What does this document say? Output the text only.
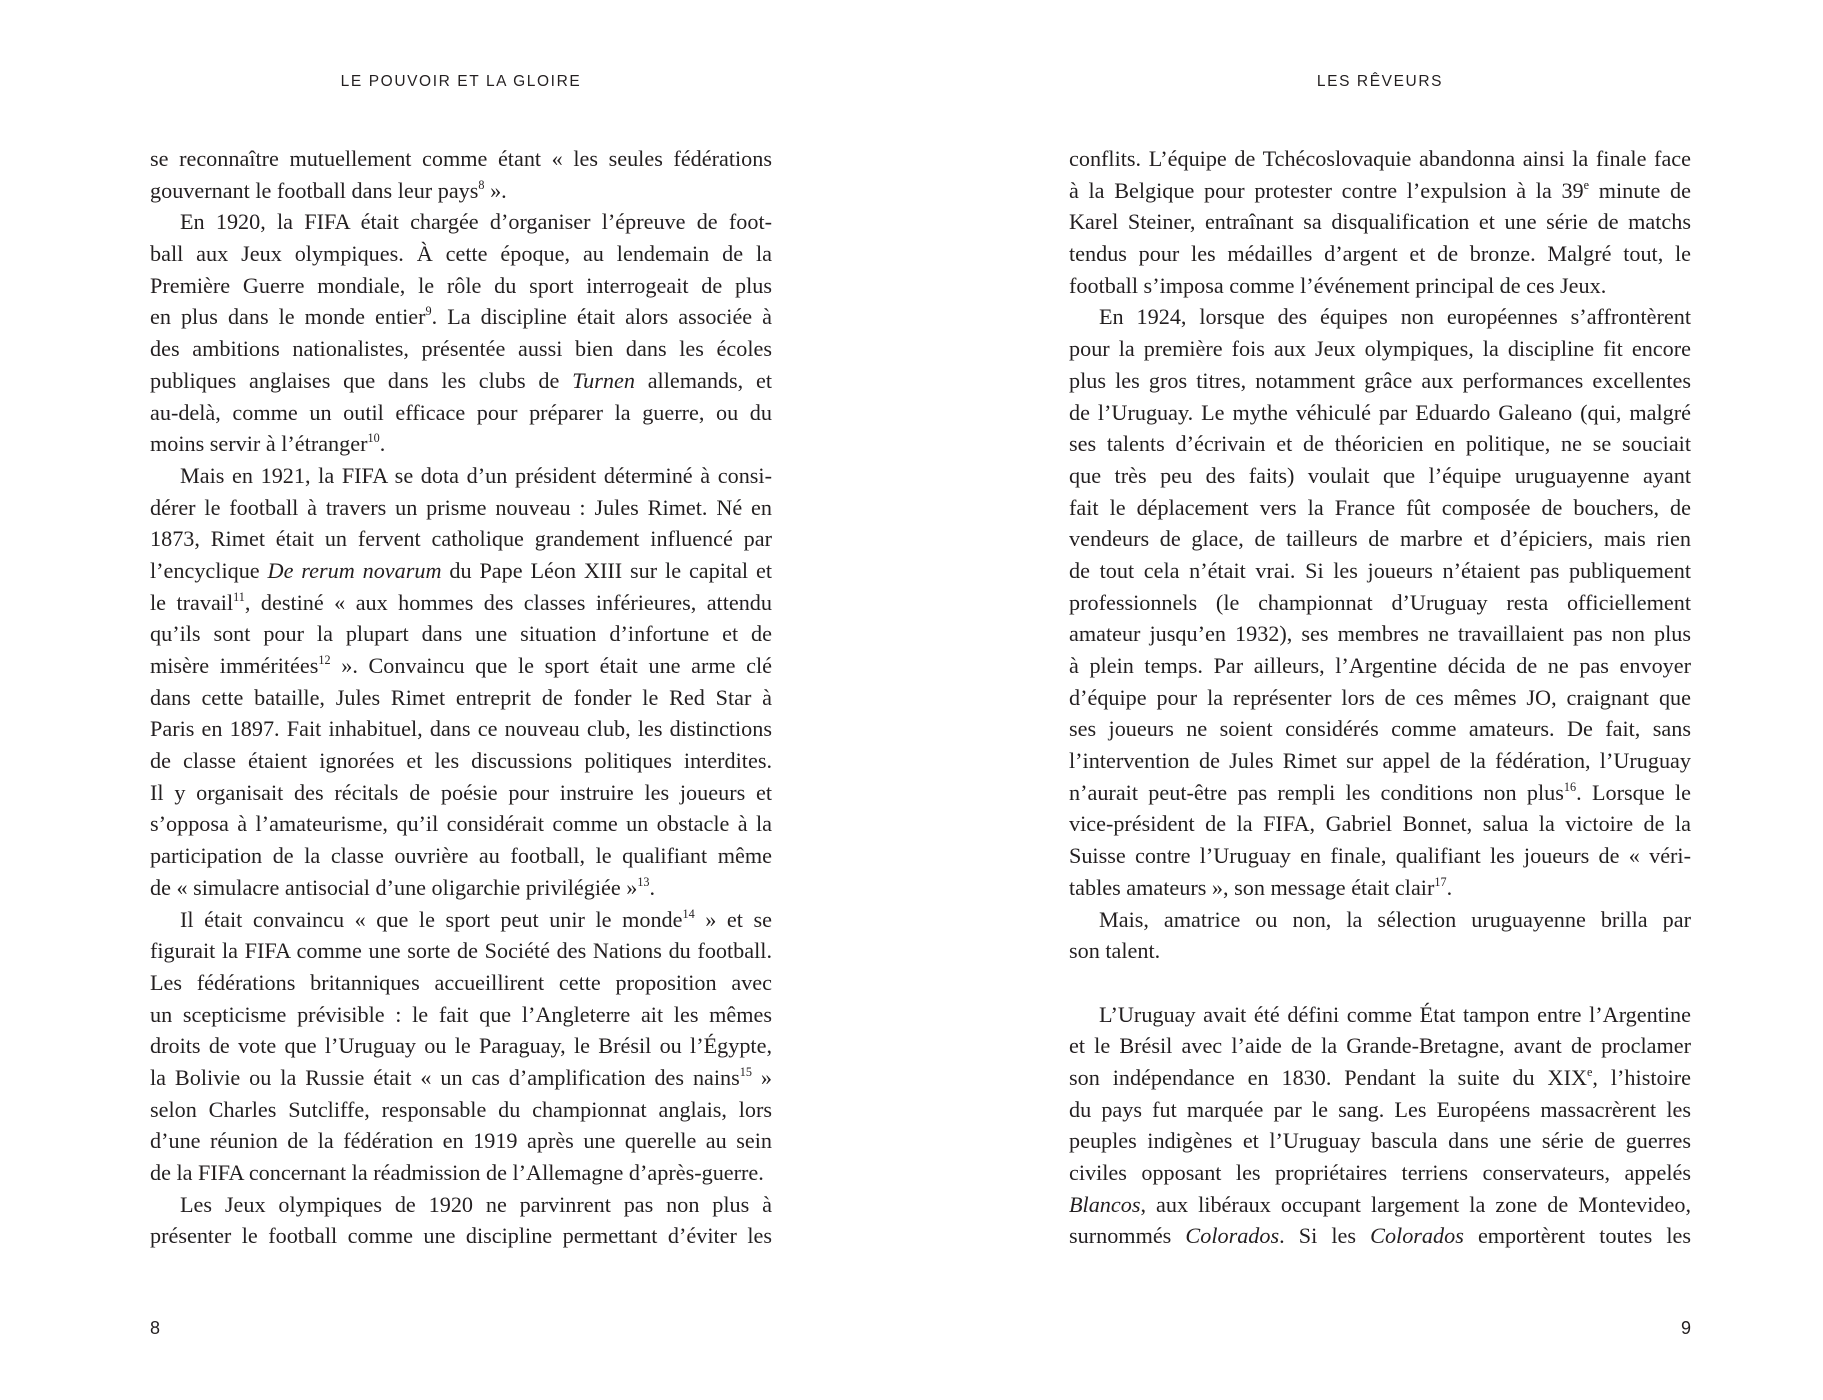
LE POUVOIR ET LA GLOIRE
se reconnaître mutuellement comme étant « les seules fédérations
gouvernant le football dans leur pays$^8$ ».
En 1920, la FIFA était chargée d’organiser l’épreuve de foot-
ball aux Jeux olympiques. À cette époque, au lendemain de la
Première Guerre mondiale, le rôle du sport interrogeait de plus
en plus dans le monde entier$^9$. La discipline était alors associée à
des ambitions nationalistes, présentée aussi bien dans les écoles
publiques anglaises que dans les clubs de Turnen allemands, et
au-delà, comme un outil efficace pour préparer la guerre, ou du
moins servir à l’étranger$^{10}$.
Mais en 1921, la FIFA se dota d’un président déterminé à consi-
dérer le football à travers un prisme nouveau : Jules Rimet. Né en
1873, Rimet était un fervent catholique grandement influencé par
l’encyclique De rerum novarum du Pape Léon XIII sur le capital et
le travail$^{11}$, destiné « aux hommes des classes inférieures, attendu
qu’ils sont pour la plupart dans une situation d’infortune et de
misère imméritées$^{12}$ ». Convaincu que le sport était une arme clé
dans cette bataille, Jules Rimet entreprit de fonder le Red Star à
Paris en 1897. Fait inhabituel, dans ce nouveau club, les distinctions
de classe étaient ignorées et les discussions politiques interdites.
Il y organisait des récitals de poésie pour instruire les joueurs et
s’opposa à l’amateurisme, qu’il considérait comme un obstacle à la
participation de la classe ouvrière au football, le qualifiant même
de « simulacre antisocial d’une oligarchie privilégiée »$^{13}$.
Il était convaincu « que le sport peut unir le monde$^{14}$ » et se
figurait la FIFA comme une sorte de Société des Nations du football.
Les fédérations britanniques accueillirent cette proposition avec
un scepticisme prévisible : le fait que l’Angleterre ait les mêmes
droits de vote que l’Uruguay ou le Paraguay, le Brésil ou l’Égypte,
la Bolivie ou la Russie était « un cas d’amplification des nains$^{15}$ »
selon Charles Sutcliffe, responsable du championnat anglais, lors
d’une réunion de la fédération en 1919 après une querelle au sein
de la FIFA concernant la réadmission de l’Allemagne d’après-guerre.
Les Jeux olympiques de 1920 ne parvinrent pas non plus à
présenter le football comme une discipline permettant d’éviter les
8
LES RÊVEURS
conflits. L’équipe de Tchécoslovaquie abandonna ainsi la finale face
à la Belgique pour protester contre l’expulsion à la 39e minute de
Karel Steiner, entraînant sa disqualification et une série de matchs
tendus pour les médailles d’argent et de bronze. Malgré tout, le
football s’imposa comme l’événement principal de ces Jeux.
En 1924, lorsque des équipes non européennes s’affrontèrent
pour la première fois aux Jeux olympiques, la discipline fit encore
plus les gros titres, notamment grâce aux performances excellentes
de l’Uruguay. Le mythe véhiculé par Eduardo Galeano (qui, malgré
ses talents d’écrivain et de théoricien en politique, ne se souciait
que très peu des faits) voulait que l’équipe uruguayenne ayant
fait le déplacement vers la France fût composée de bouchers, de
vendeurs de glace, de tailleurs de marbre et d’épiciers, mais rien
de tout cela n’était vrai. Si les joueurs n’étaient pas publiquement
professionnels (le championnat d’Uruguay resta officiellement
amateur jusqu’en 1932), ses membres ne travaillaient pas non plus
à plein temps. Par ailleurs, l’Argentine décida de ne pas envoyer
d’équipe pour la représenter lors de ces mêmes JO, craignant que
ses joueurs ne soient considérés comme amateurs. De fait, sans
l’intervention de Jules Rimet sur appel de la fédération, l’Uruguay
n’aurait peut-être pas rempli les conditions non plus$^{16}$. Lorsque le
vice-président de la FIFA, Gabriel Bonnet, salua la victoire de la
Suisse contre l’Uruguay en finale, qualifiant les joueurs de « véri-
tables amateurs », son message était clair$^{17}$.
Mais, amatrice ou non, la sélection uruguayenne brilla par
son talent.
L’Uruguay avait été défini comme État tampon entre l’Argentine
et le Brésil avec l’aide de la Grande-Bretagne, avant de proclamer
son indépendance en 1830. Pendant la suite du XIXe, l’histoire
du pays fut marquée par le sang. Les Européens massacrèrent les
peuples indigènes et l’Uruguay bascula dans une série de guerres
civiles opposant les propriétaires terriens conservateurs, appelés
Blancos, aux libéraux occupant largement la zone de Montevideo,
surnommés Colorados. Si les Colorados emportèrent toutes les
9
